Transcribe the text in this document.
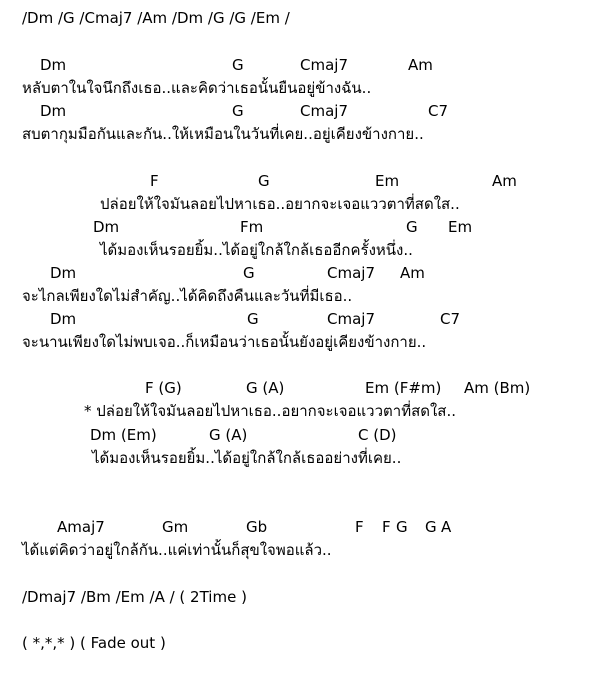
/Dm /G /Cmaj7 /Am /Dm /G /G /Em /
Dm	G	Cmaj7	Am
หลับตาในใจนึกถึงเธอ..และคิดว่าเธอนั้นยืนอยู่ข้างฉัน..
Dm	G	Cmaj7	C7
สบตากุมมือกันและกัน..ให้เหมือนในวันที่เคย..อยู่เคียงข้างกาย..
F	G	Em	Am
ปล่อยให้ใจมันลอยไปหาเธอ..อยากจะเจอแววตาที่สดใส..
Dm	Fm	G Em
ได้มองเห็นรอยยิ้ม..ได้อยู่ใกล้ใกล้เธออีกครั้งหนึ่ง..
Dm	G	Cmaj7 Am
จะไกลเพียงใดไม่สำคัญ..ได้คิดถึงคืนและวันที่มีเธอ..
Dm	G	Cmaj7	C7
จะนานเพียงใดไม่พบเจอ..ก็เหมือนว่าเธอนั้นยังอยู่เคียงข้างกาย..
F (G)	G (A)	Em (F#m) Am (Bm)
* ปล่อยให้ใจมันลอยไปหาเธอ..อยากจะเจอแววตาที่สดใส..
Dm (Em)	G (A)	C (D)
ได้มองเห็นรอยยิ้ม..ได้อยู่ใกล้ใกล้เธออย่างที่เคย..
Amaj7	Gm	Gb	F F G G A
ได้แต่คิดว่าอยู่ใกล้กัน..แค่เท่านั้นก็สุขใจพอแล้ว..
/Dmaj7 /Bm /Em /A / ( 2Time )
( *,*,* ) ( Fade out )
